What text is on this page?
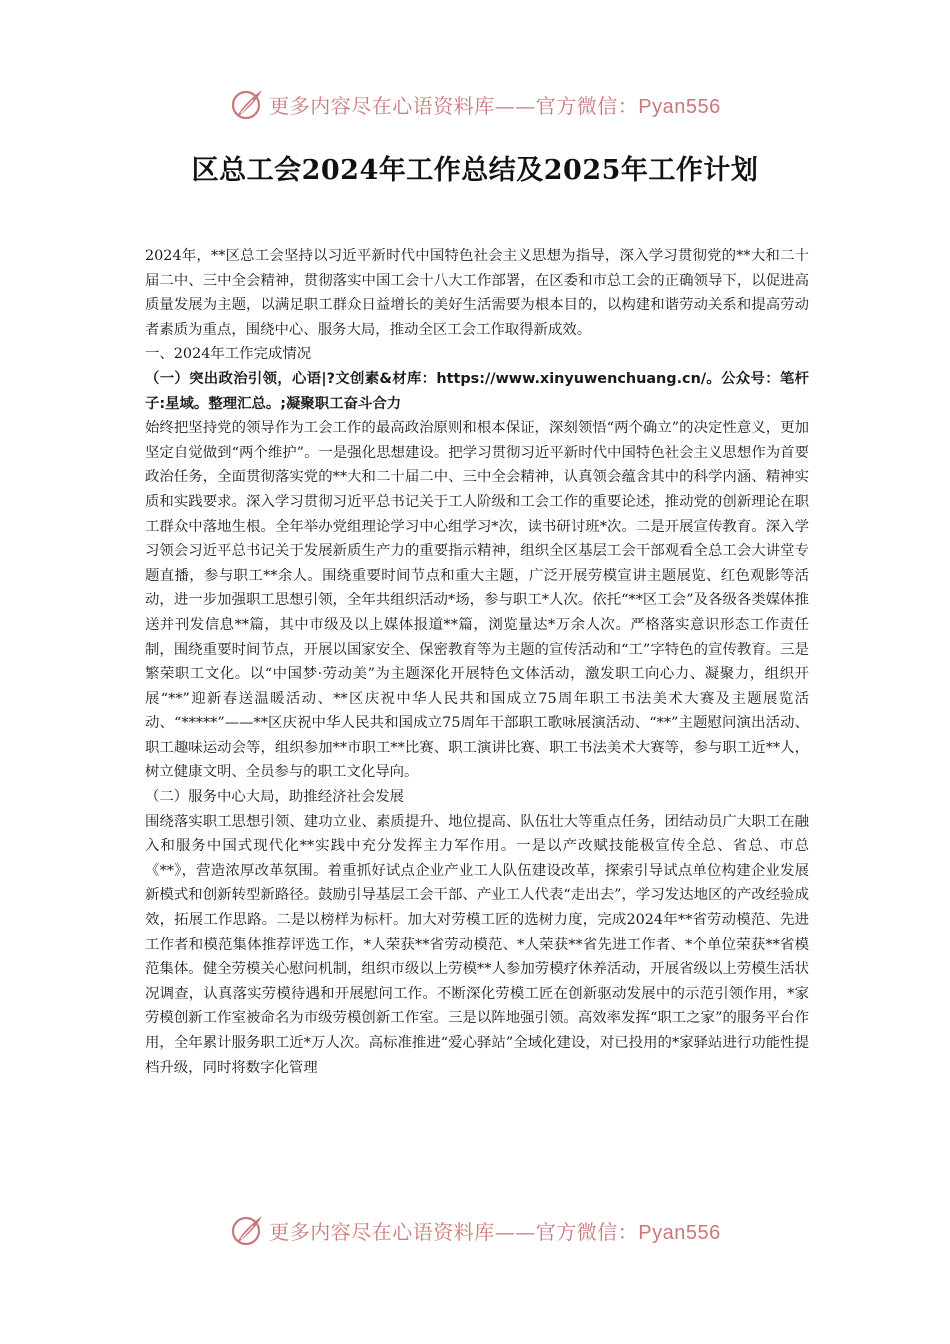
更多内容尽在心语资料库——官方微信：Pyan556
区总工会2024年工作总结及2025年工作计划

2024年，**区总工会坚持以习近平新时代中国特色社会主义思想为指导，深入学习贯彻党的**大和二十届二中、三中全会精神，贯彻落实中国工会十八大工作部署，在区委和市总工会的正确领导下，以促进高质量发展为主题，以满足职工群众日益增长的美好生活需要为根本目的，以构建和谐劳动关系和提高劳动者素质为重点，围绕中心、服务大局，推动全区工会工作取得新成效。

一、2024年工作完成情况

（一）突出政治引领，心语|?文创素&材库：https://www.xinyuwenchuang.cn/。公众号：笔杆子:星域。整理汇总。;凝聚职工奋斗合力

始终把坚持党的领导作为工会工作的最高政治原则和根本保证，深刻领悟“两个确立”的决定性意义，更加坚定自觉做到“两个维护”。一是强化思想建设。把学习贯彻习近平新时代中国特色社会主义思想作为首要政治任务，全面贯彻落实党的**大和二十届二中、三中全会精神，认真领会蕴含其中的科学内涵、精神实质和实践要求。深入学习贯彻习近平总书记关于工人阶级和工会工作的重要论述，推动党的创新理论在职工群众中落地生根。全年举办党组理论学习中心组学习*次，读书研讨班*次。二是开展宣传教育。深入学习领会习近平总书记关于发展新质生产力的重要指示精神，组织全区基层工会干部观看全总工会大讲堂专题直播，参与职工**余人。围绕重要时间节点和重大主题，广泛开展劳模宣讲主题展览、红色观影等活动，进一步加强职工思想引领，全年共组织活动*场，参与职工*人次。依托“**区工会”及各级各类媒体推送并刊发信息**篇，其中市级及以上媒体报道**篇，浏览量达*万余人次。严格落实意识形态工作责任制，围绕重要时间节点，开展以国家安全、保密教育等为主题的宣传活动和“工”字特色的宣传教育。三是繁荣职工文化。以“中国梦·劳动美”为主题深化开展特色文体活动，激发职工向心力、凝聚力，组织开展“**”迎新春送温暖活动、**区庆祝中华人民共和国成立75周年职工书法美术大赛及主题展览活动、“*****”——**区庆祝中华人民共和国成立75周年干部职工歌咏展演活动、“**”主题慰问演出活动、职工趣味运动会等，组织参加**市职工**比赛、职工演讲比赛、职工书法美术大赛等，参与职工近**人，树立健康文明、全员参与的职工文化导向。

（二）服务中心大局，助推经济社会发展

围绕落实职工思想引领、建功立业、素质提升、地位提高、队伍壮大等重点任务，团结动员广大职工在融入和服务中国式现代化**实践中充分发挥主力军作用。一是以产改赋技能极宣传全总、省总、市总《**》，营造浓厚改革氛围。着重抓好试点企业产业工人队伍建设改革，探索引导试点单位构建企业发展新模式和创新转型新路径。鼓励引导基层工会干部、产业工人代表“走出去”，学习发达地区的产改经验成效，拓展工作思路。二是以榜样为标杆。加大对劳模工匠的选树力度，完成2024年**省劳动模范、先进工作者和模范集体推荐评选工作，*人荣获**省劳动模范、*人荣获**省先进工作者、*个单位荣获**省模范集体。健全劳模关心慰问机制，组织市级以上劳模**人参加劳模疗休养活动，开展省级以上劳模生活状况调查，认真落实劳模待遇和开展慰问工作。不断深化劳模工匠在创新驱动发展中的示范引领作用，*家劳模创新工作室被命名为市级劳模创新工作室。三是以阵地强引领。高效率发挥“职工之家”的服务平台作用，全年累计服务职工近*万人次。高标准推进“爱心驿站”全域化建设，对已投用的*家驿站进行功能性提档升级，同时将数字化管理

更多内容尽在心语资料库——官方微信：Pyan556
